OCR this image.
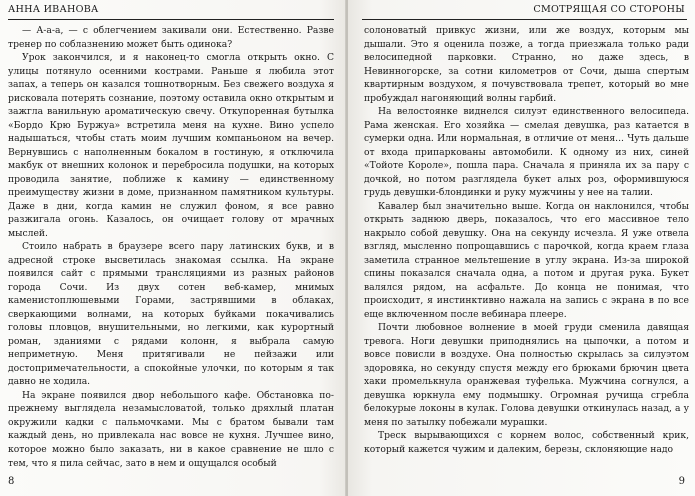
АННА ИВАНОВА

— А-а-а, — с облегчением закивали они. Естественно. Разве тренер по соблазнению может быть одинока?

Урок закончился, и я наконец-то смогла открыть окно. С улицы потянуло осенними кострами. Раньше я любила этот запах, а теперь он казался тошнотворным. Без свежего воздуха я рисковала потерять сознание, поэтому оставила окно открытым и зажгла ванильную ароматическую свечу. Откупоренная бутылка «Бордо Крю Буржуа» встретила меня на кухне. Вино успело надышаться, чтобы стать моим лучшим компаньоном на вечер. Вернувшись с наполненным бокалом в гостиную, я отключила макбук от внешних колонок и перебросила подушки, на которых проводила занятие, поближе к камину — единственному преимуществу жизни в доме, признанном памятником культуры. Даже в дни, когда камин не служил фоном, я все равно разжигала огонь. Казалось, он очищает голову от мрачных мыслей.

Стоило набрать в браузере всего пару латинских букв, и в адресной строке высветилась знакомая ссылка. На экране появился сайт с прямыми трансляциями из разных районов города Сочи. Из двух сотен веб-камер, мнимых каменистоплюшевыми Горами, застрявшими в облаках, сверкающими волнами, на которых буйками покачивались головы пловцов, внушительными, но легкими, как курортный роман, зданиями с рядами колонн, я выбрала самую неприметную. Меня притягивали не пейзажи или достопримечательности, а спокойные улочки, по которым я так давно не ходила.

На экране появился двор небольшого кафе. Обстановка по-прежнему выглядела незамысловатой, только дряхлый платан окружили кадки с пальмочками. Мы с братом бывали там каждый день, но привлекала нас вовсе не кухня. Лучшее вино, которое можно было заказать, ни в какое сравнение не шло с тем, что я пила сейчас, зато в нем и ощущался особый

8
СМОТРЯЩАЯ СО СТОРОНЫ

солоноватый привкус жизни, или же воздух, которым мы дышали. Это я оценила позже, а тогда приезжала только ради велосипедной парковки. Странно, но даже здесь, в Невинногорске, за сотни километров от Сочи, дыша спертым квартирным воздухом, я почувствовала трепет, который во мне пробуждал нагоняющий волны гарбий.

На велостоянке виднелся силуэт единственного велосипеда. Рама женская. Его хозяйка — смелая девушка, раз катается в сумерки одна. Или нормальная, в отличие от меня... Чуть дальше от входа припаркованы автомобили. К одному из них, синей «Тойоте Короле», пошла пара. Сначала я приняла их за пару с дочкой, но потом разглядела букет алых роз, оформившуюся грудь девушки-блондинки и руку мужчины у нее на талии.

Кавалер был значительно выше. Когда он наклонился, чтобы открыть заднюю дверь, показалось, что его массивное тело накрыло собой девушку. Она на секунду исчезла. Я уже отвела взгляд, мысленно попрощавшись с парочкой, когда краем глаза заметила странное мельтешение в углу экрана. Из-за широкой спины показался сначала одна, а потом и другая рука. Букет валялся рядом, на асфальте. До конца не понимая, что происходит, я инстинктивно нажала на запись с экрана в по все еще включенном после вебинара плеере.

Почти любовное волнение в моей груди сменила давящая тревога. Ноги девушки приподнялись на цыпочки, а потом и вовсе повисли в воздухе. Она полностью скрылась за силуэтом здоровяка, но секунду спустя между его брюками брючин цвета хаки промелькнула оранжевая туфелька. Мужчина согнулся, а девушка юркнула ему подмышку. Огромная ручища сгребла белокурые локоны в кулак. Голова девушки откинулась назад, а у меня по затылку побежали мурашки.

Треск вырывающихся с корнем волос, собственный крик, который кажется чужим и далеким, березы, склоняющие надо

9
